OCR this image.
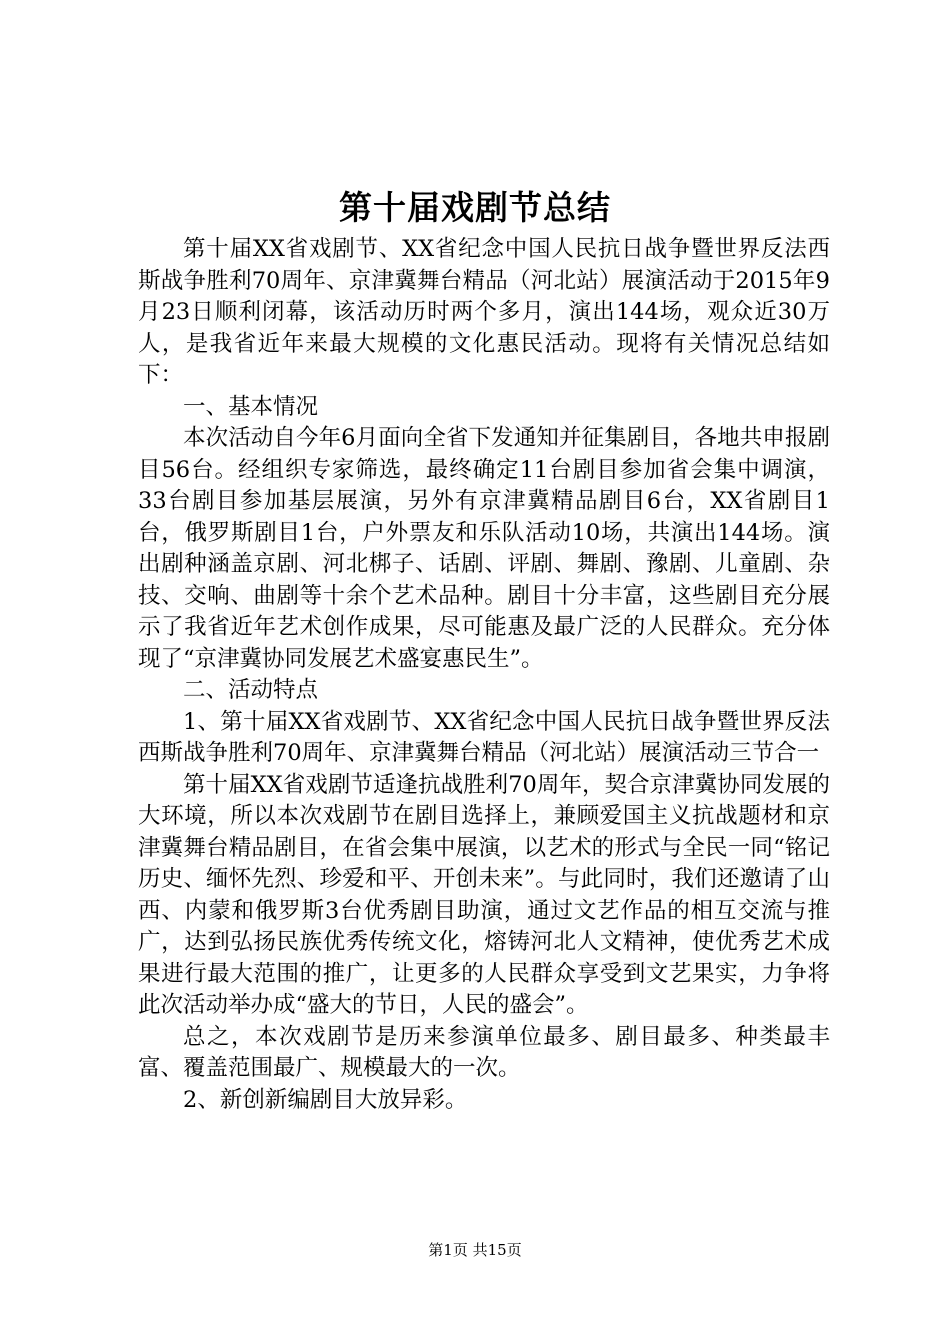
第十届戏剧节总结

第十届XX省戏剧节、XX省纪念中国人民抗日战争暨世界反法西斯战争胜利70周年、京津冀舞台精品（河北站）展演活动于2015年9月23日顺利闭幕，该活动历时两个多月，演出144场，观众近30万人，是我省近年来最大规模的文化惠民活动。现将有关情况总结如下：

一、基本情况

本次活动自今年6月面向全省下发通知并征集剧目，各地共申报剧目56台。经组织专家筛选，最终确定11台剧目参加省会集中调演，33台剧目参加基层展演，另外有京津冀精品剧目6台，XX省剧目1台，俄罗斯剧目1台，户外票友和乐队活动10场，共演出144场。演出剧种涵盖京剧、河北梆子、话剧、评剧、舞剧、豫剧、儿童剧、杂技、交响、曲剧等十余个艺术品种。剧目十分丰富，这些剧目充分展示了我省近年艺术创作成果，尽可能惠及最广泛的人民群众。充分体现了“京津冀协同发展艺术盛宴惠民生”。

二、活动特点

1、第十届XX省戏剧节、XX省纪念中国人民抗日战争暨世界反法西斯战争胜利70周年、京津冀舞台精品（河北站）展演活动三节合一

第十届XX省戏剧节适逢抗战胜利70周年，契合京津冀协同发展的大环境，所以本次戏剧节在剧目选择上，兼顾爱国主义抗战题材和京津冀舞台精品剧目，在省会集中展演，以艺术的形式与全民一同“铭记历史、缅怀先烈、珍爱和平、开创未来”。与此同时，我们还邀请了山西、内蒙和俄罗斯3台优秀剧目助演，通过文艺作品的相互交流与推广，达到弘扬民族优秀传统文化，熔铸河北人文精神，使优秀艺术成果进行最大范围的推广，让更多的人民群众享受到文艺果实，力争将此次活动举办成“盛大的节日，人民的盛会”。

总之，本次戏剧节是历来参演单位最多、剧目最多、种类最丰富、覆盖范围最广、规模最大的一次。

2、新创新编剧目大放异彩。

第1页 共15页
